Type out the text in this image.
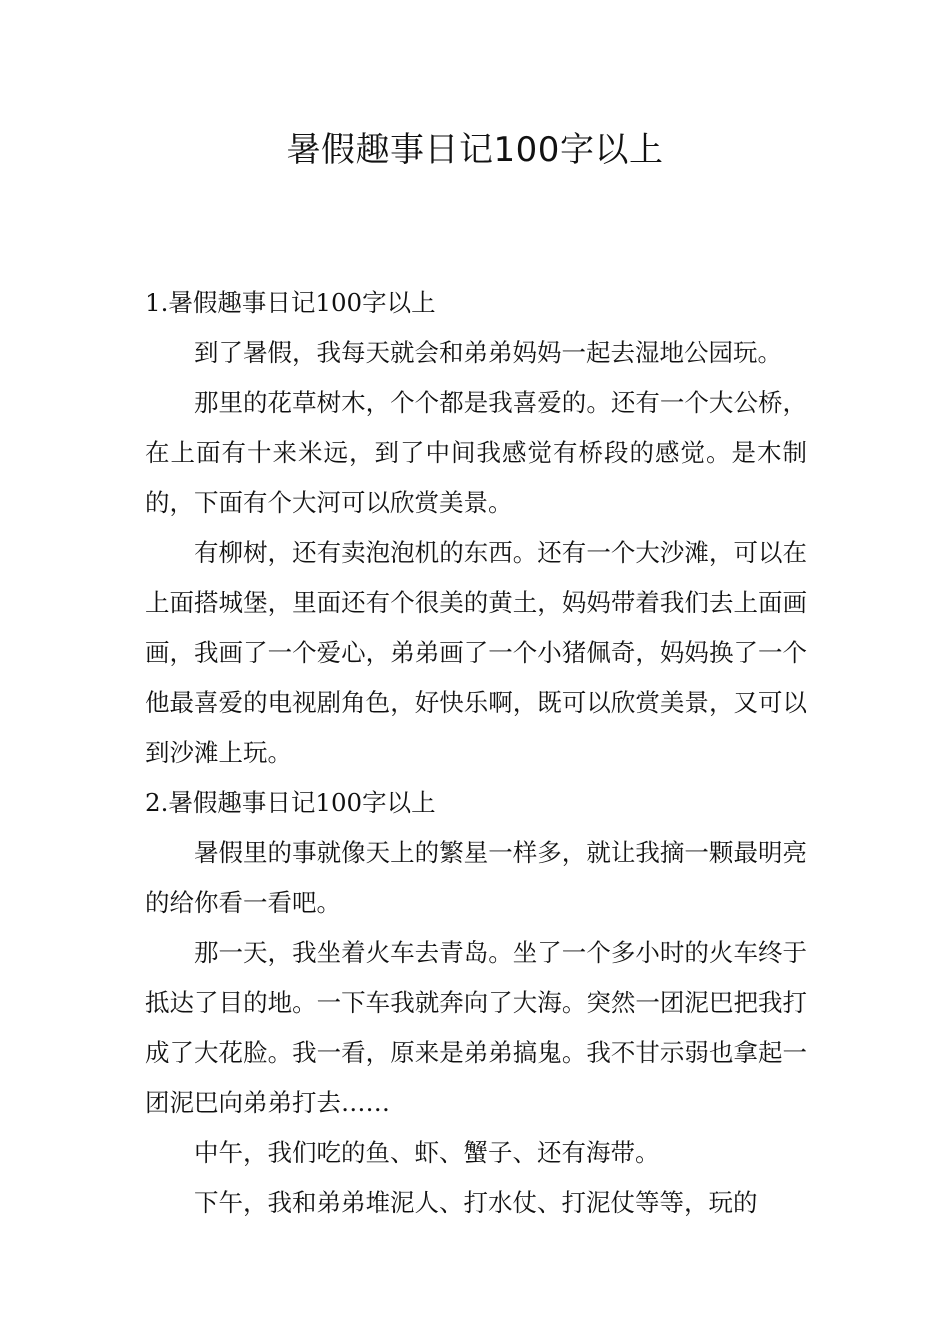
暑假趣事日记100字以上
1.暑假趣事日记100字以上

到了暑假，我每天就会和弟弟妈妈一起去湿地公园玩。

那里的花草树木，个个都是我喜爱的。还有一个大公桥，在上面有十来米远，到了中间我感觉有桥段的感觉。是木制的，下面有个大河可以欣赏美景。

有柳树，还有卖泡泡机的东西。还有一个大沙滩，可以在上面搭城堡，里面还有个很美的黄土，妈妈带着我们去上面画画，我画了一个爱心，弟弟画了一个小猪佩奇，妈妈换了一个他最喜爱的电视剧角色，好快乐啊，既可以欣赏美景，又可以到沙滩上玩。

2.暑假趣事日记100字以上

暑假里的事就像天上的繁星一样多，就让我摘一颗最明亮的给你看一看吧。

那一天，我坐着火车去青岛。坐了一个多小时的火车终于抵达了目的地。一下车我就奔向了大海。突然一团泥巴把我打成了大花脸。我一看，原来是弟弟搞鬼。我不甘示弱也拿起一团泥巴向弟弟打去……

中午，我们吃的鱼、虾、蟹子、还有海带。

下午，我和弟弟堆泥人、打水仗、打泥仗等等，玩的
